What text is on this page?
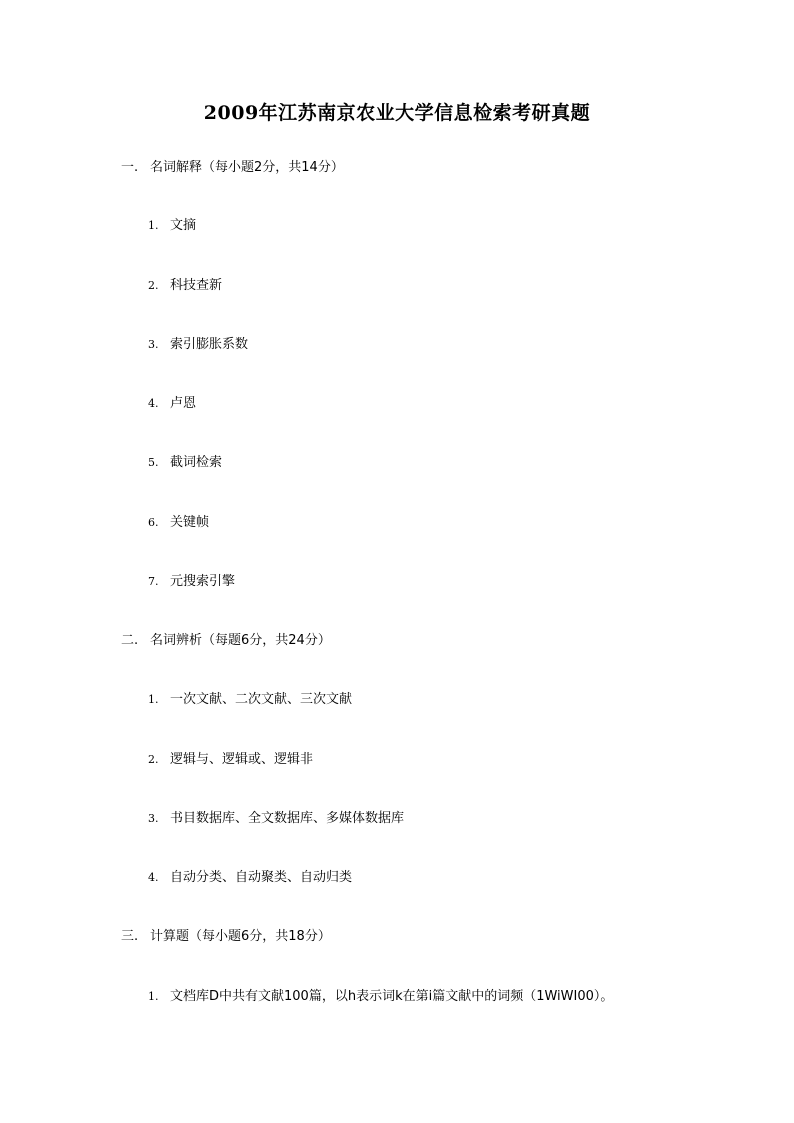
2009年江苏南京农业大学信息检索考研真题
一. 名词解释（每小题2分，共14分）
1. 文摘
2. 科技查新
3. 索引膨胀系数
4. 卢恩
5. 截词检索
6. 关键帧
7. 元搜索引擎
二. 名词辨析（每题6分，共24分）
1. 一次文献、二次文献、三次文献
2. 逻辑与、逻辑或、逻辑非
3. 书目数据库、全文数据库、多媒体数据库
4. 自动分类、自动聚类、自动归类
三. 计算题（每小题6分，共18分）
1. 文档库D中共有文献100篇，以h表示词k在第i篇文献中的词频（1WiWI00）。
